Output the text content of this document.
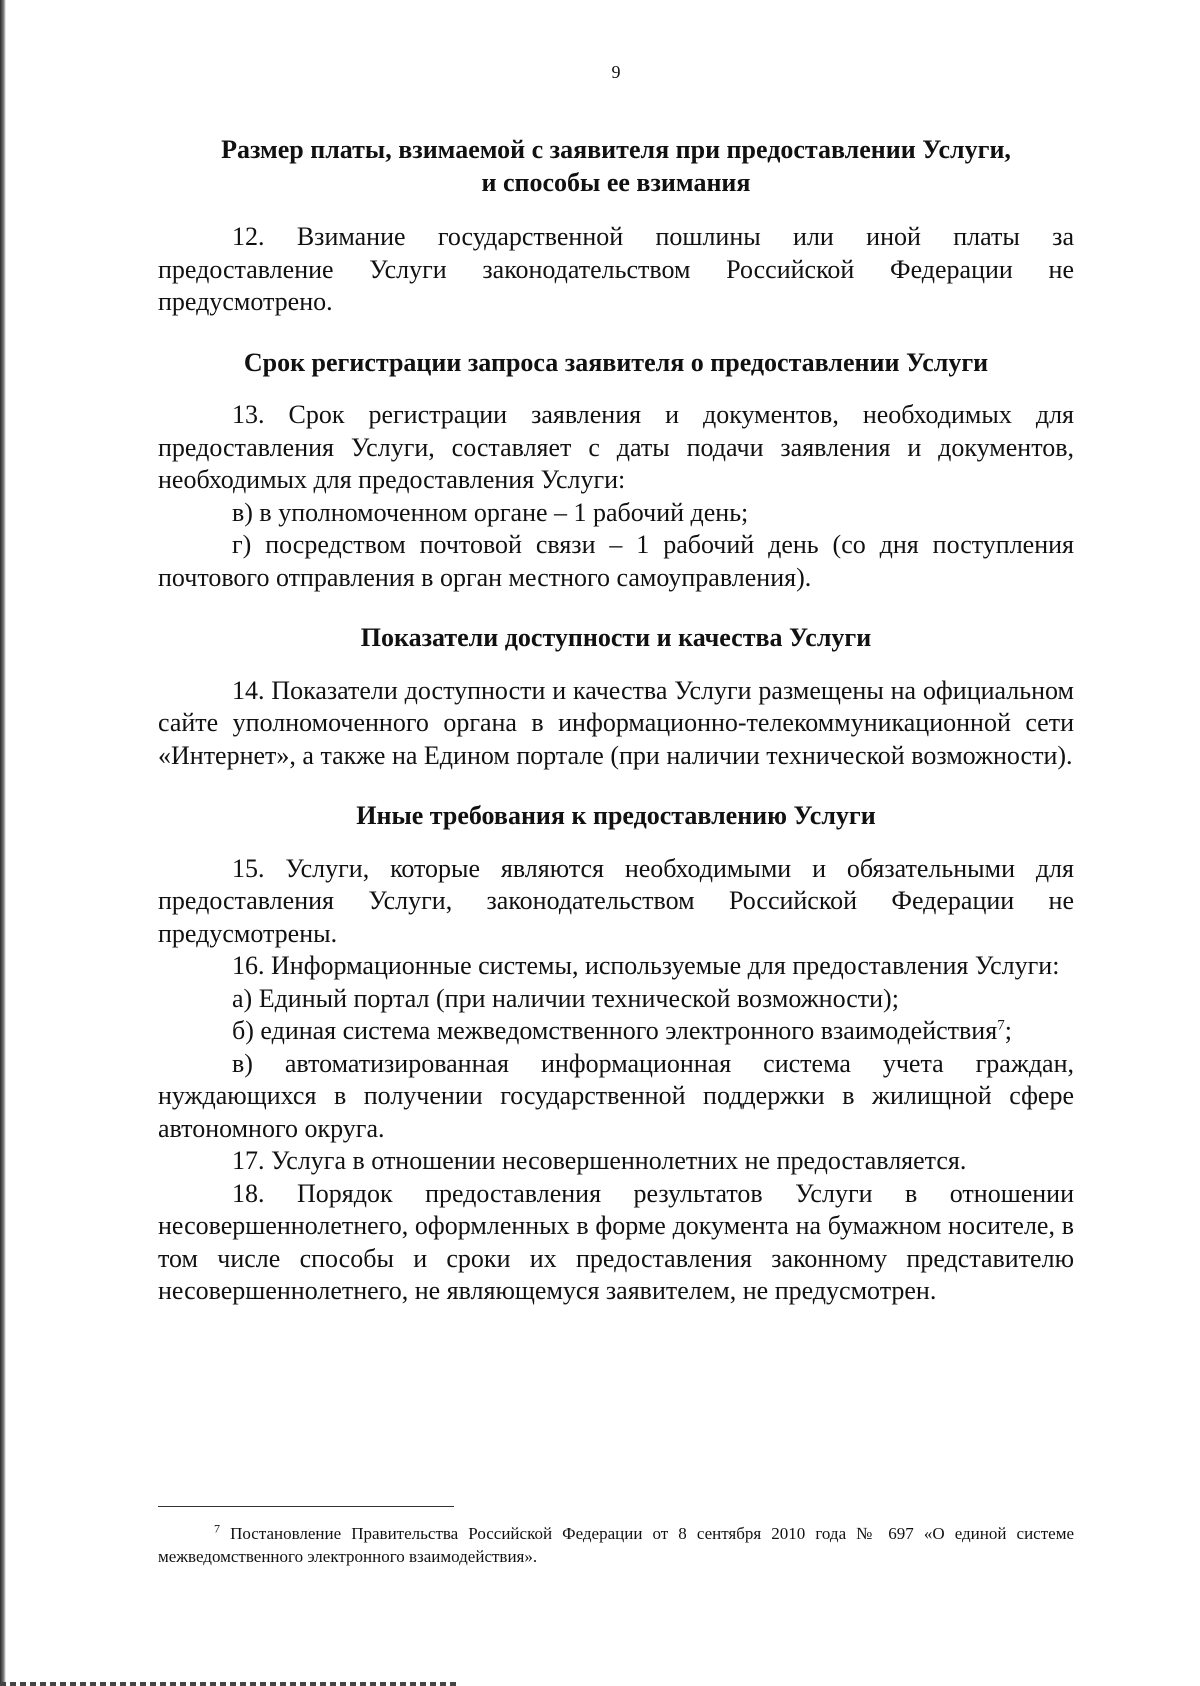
9
Размер платы, взимаемой с заявителя при предоставлении Услуги,
и способы ее взимания

12. Взимание государственной пошлины или иной платы за предоставление Услуги законодательством Российской Федерации не предусмотрено.

Срок регистрации запроса заявителя о предоставлении Услуги

13. Срок регистрации заявления и документов, необходимых для предоставления Услуги, составляет с даты подачи заявления и документов, необходимых для предоставления Услуги:

в) в уполномоченном органе – 1 рабочий день;

г) посредством почтовой связи – 1 рабочий день (со дня поступления почтового отправления в орган местного самоуправления).

Показатели доступности и качества Услуги

14. Показатели доступности и качества Услуги размещены на официальном сайте уполномоченного органа в информационно-телекоммуникационной сети «Интернет», а также на Едином портале (при наличии технической возможности).

Иные требования к предоставлению Услуги

15. Услуги, которые являются необходимыми и обязательными для предоставления Услуги, законодательством Российской Федерации не предусмотрены.

16. Информационные системы, используемые для предоставления Услуги:

а) Единый портал (при наличии технической возможности);

б) единая система межведомственного электронного взаимодействия$^7$;

в) автоматизированная информационная система учета граждан, нуждающихся в получении государственной поддержки в жилищной сфере автономного округа.

17. Услуга в отношении несовершеннолетних не предоставляется.

18. Порядок предоставления результатов Услуги в отношении несовершеннолетнего, оформленных в форме документа на бумажном носителе, в том числе способы и сроки их предоставления законному представителю несовершеннолетнего, не являющемуся заявителем, не предусмотрен.

$^7$ Постановление Правительства Российской Федерации от 8 сентября 2010 года № 697 «О единой системе межведомственного электронного взаимодействия».
